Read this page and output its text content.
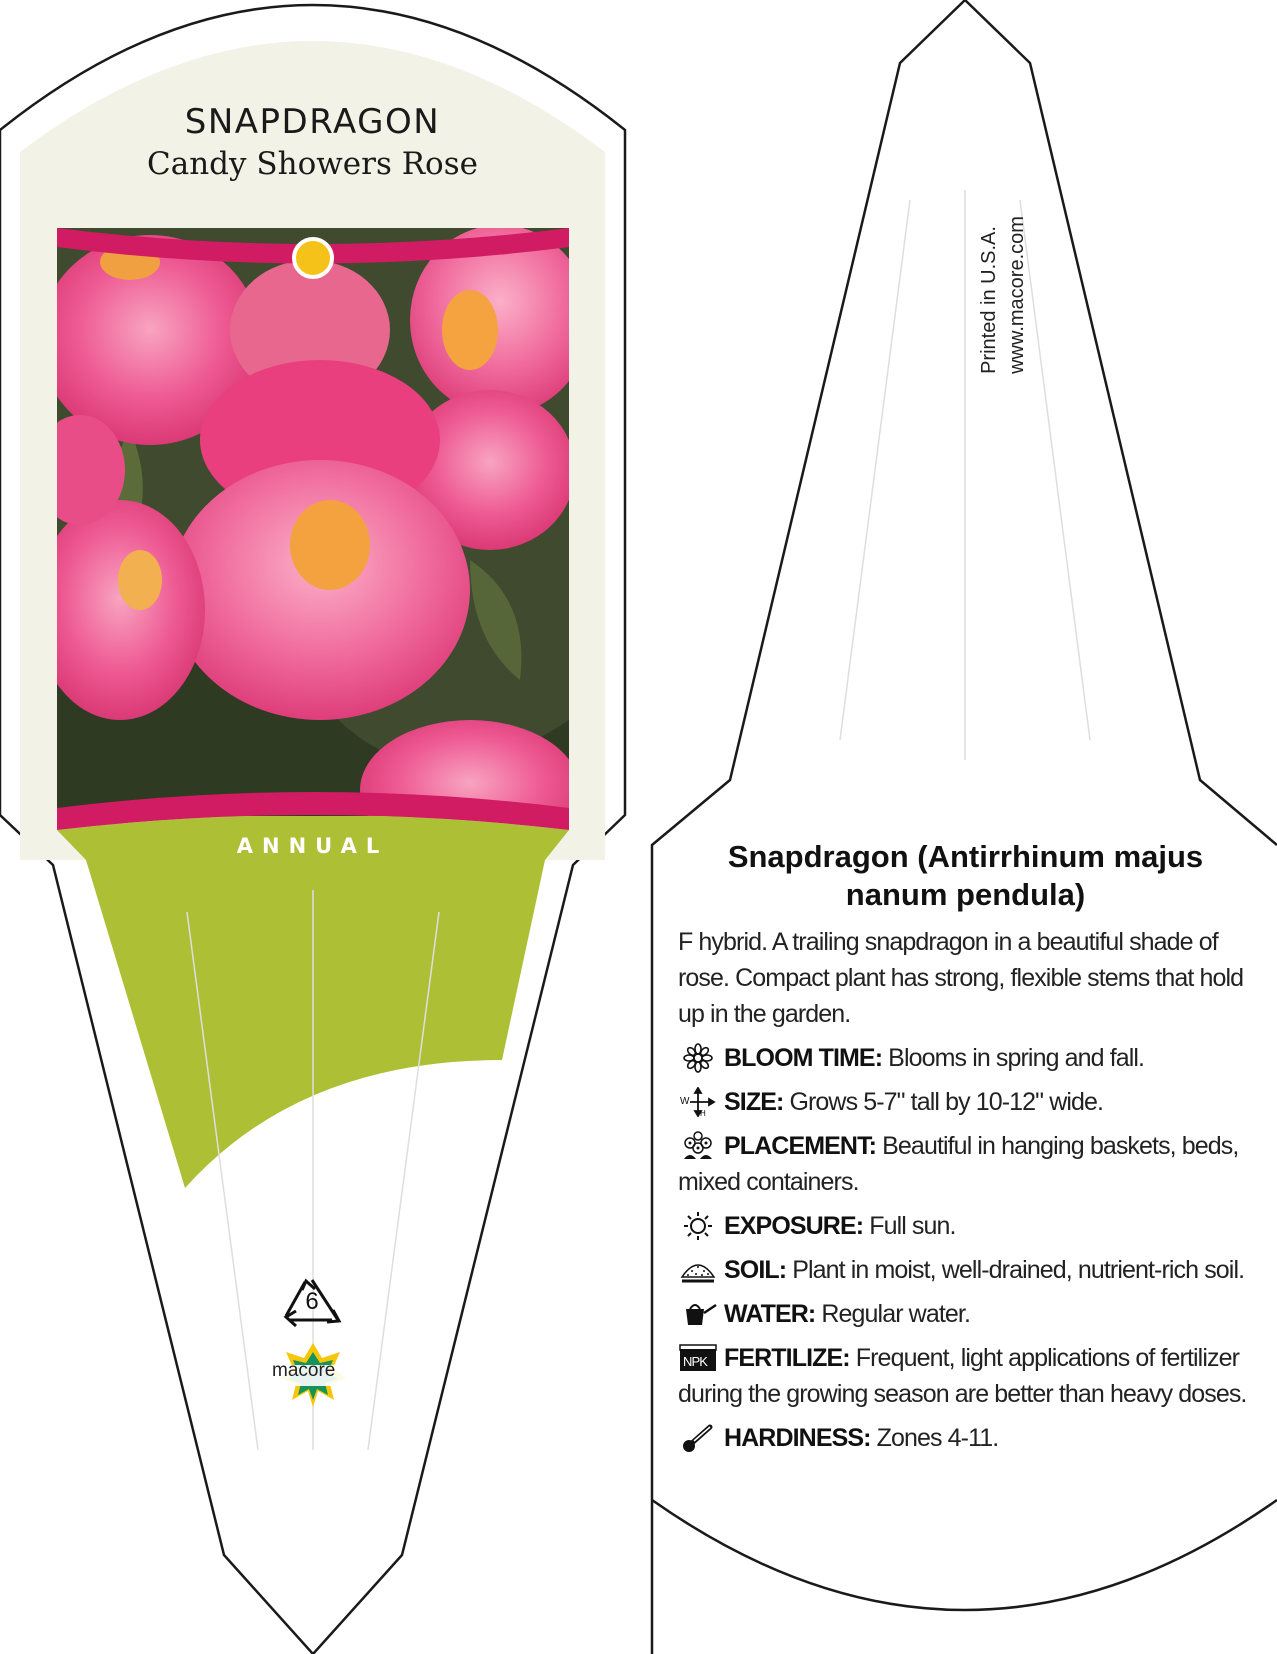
SNAPDRAGON
Candy Showers Rose
ANNUAL
6
macore
Printed in U.S.A. www.macore.com
Snapdragon (Antirrhinum majus nanum pendula)
F hybrid. A trailing snapdragon in a beautiful shade of rose. Compact plant has strong, flexible stems that hold up in the garden.
BLOOM TIME: Blooms in spring and fall.
W
H SIZE: Grows 5-7" tall by 10-12" wide.
PLACEMENT: Beautiful in hanging baskets, beds, mixed containers.
EXPOSURE: Full sun.
SOIL: Plant in moist, well-drained, nutrient-rich soil.
WATER: Regular water.
NPK FERTILIZE: Frequent, light applications of fertilizer during the growing season are better than heavy doses.
HARDINESS: Zones 4-11.
